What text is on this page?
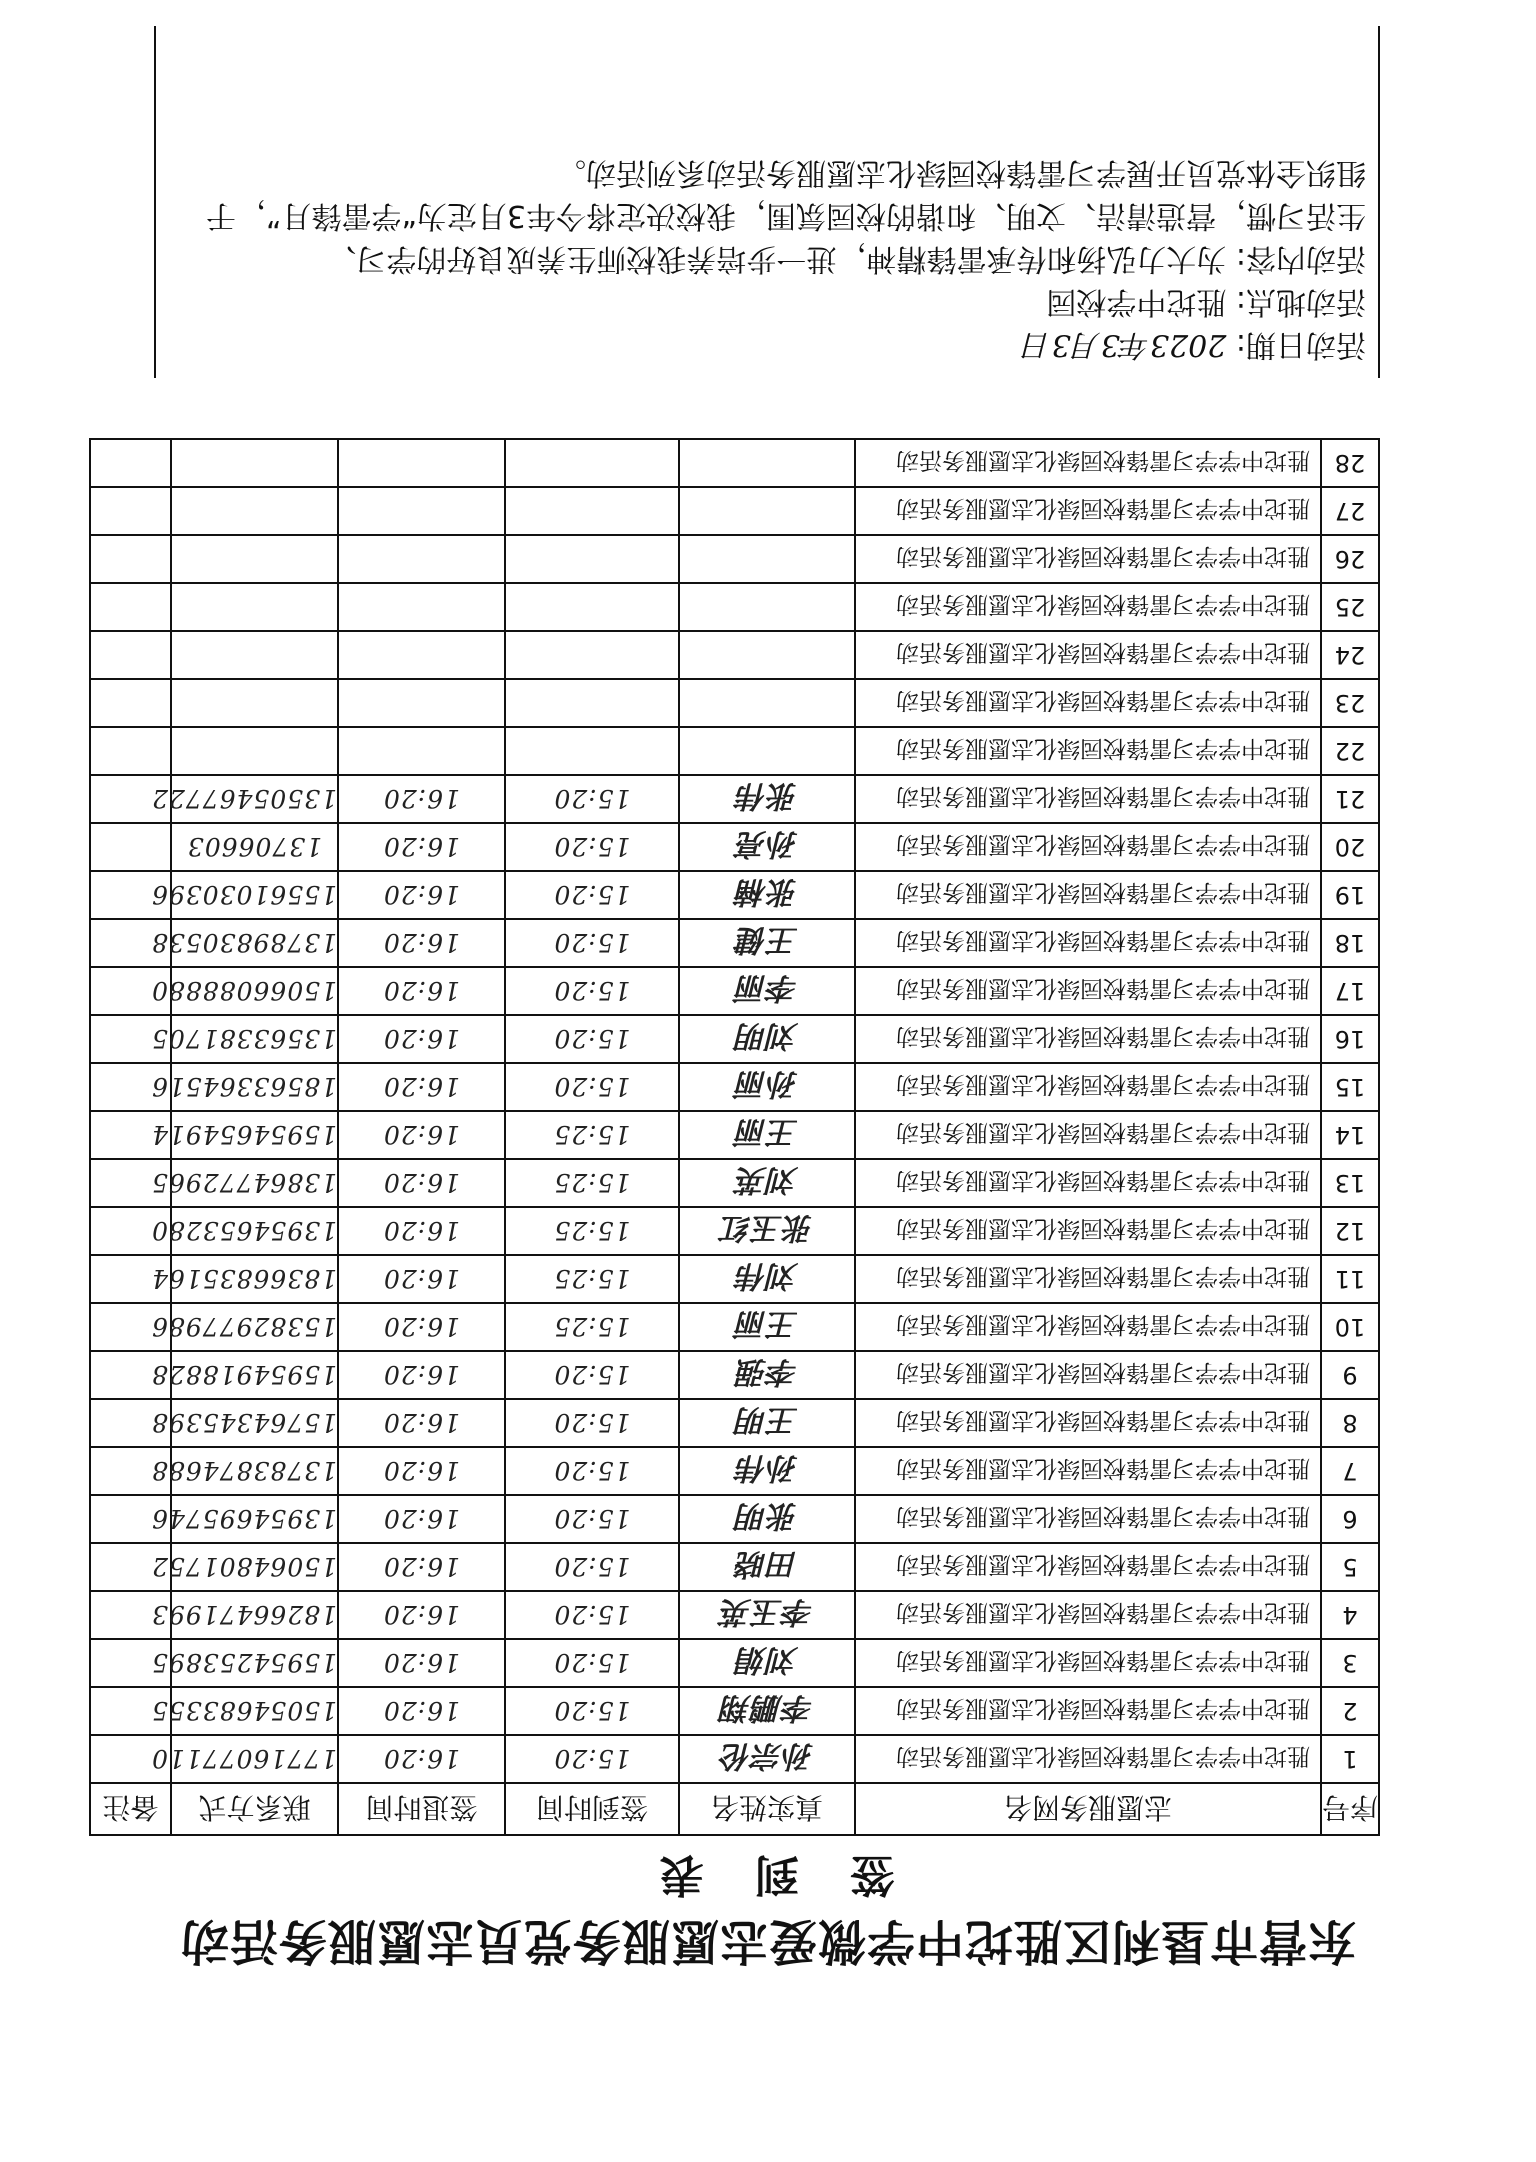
东营市垦利区胜坨中学微爱志愿服务党员志愿服务活动
签 到 表
序号	志愿服务网名	真实姓名	签到时间	签退时间	联系方式	备注
1	胜坨中学学习雷锋校园绿化志愿服务活动	孙宗伦	15:20	16:20	17716077110	
2	胜坨中学学习雷锋校园绿化志愿服务活动	李鹏翔	15:20	16:20	15054683355	
3	胜坨中学学习雷锋校园绿化志愿服务活动	刘娟	15:20	16:20	15954253895	
4	胜坨中学学习雷锋校园绿化志愿服务活动	李玉英	15:20	16:20	18266471993	
5	胜坨中学学习雷锋校园绿化志愿服务活动	田晓	15:20	16:20	15064801752	
6	胜坨中学学习雷锋校园绿化志愿服务活动	张明	15:20	16:20	13954695746	
7	胜坨中学学习雷锋校园绿化志愿服务活动	孙伟	15:20	16:20	13783874688	
8	胜坨中学学习雷锋校园绿化志愿服务活动	王明	15:20	16:20	15764345398	
9	胜坨中学学习雷锋校园绿化志愿服务活动	李强	15:20	16:20	15954918828	
10	胜坨中学学习雷锋校园绿化志愿服务活动	王丽	15:25	16:20	15382977986	
11	胜坨中学学习雷锋校园绿化志愿服务活动	刘伟	15:25	16:20	18366835164	
12	胜坨中学学习雷锋校园绿化志愿服务活动	张玉红	15:25	16:20	13954653280	
13	胜坨中学学习雷锋校园绿化志愿服务活动	刘英	15:25	16:20	13864772965	
14	胜坨中学学习雷锋校园绿化志愿服务活动	王丽	15:25	16:20	15954654914	
15	胜坨中学学习雷锋校园绿化志愿服务活动	孙丽	15:20	16:20	18563364516	
16	胜坨中学学习雷锋校园绿化志愿服务活动	刘明	15:20	16:20	13563381705	
17	胜坨中学学习雷锋校园绿化志愿服务活动	李丽	15:20	16:20	15066088880	
18	胜坨中学学习雷锋校园绿化志愿服务活动	王健	15:20	16:20	13789830538	
19	胜坨中学学习雷锋校园绿化志愿服务活动	张楠	15:20	16:20	15561030396	
20	胜坨中学学习雷锋校园绿化志愿服务活动	孙亮	15:20	16:20	13706603	
21	胜坨中学学习雷锋校园绿化志愿服务活动	张伟	15:20	16:20	13505467722	
22	胜坨中学学习雷锋校园绿化志愿服务活动					
23	胜坨中学学习雷锋校园绿化志愿服务活动					
24	胜坨中学学习雷锋校园绿化志愿服务活动					
25	胜坨中学学习雷锋校园绿化志愿服务活动					
26	胜坨中学学习雷锋校园绿化志愿服务活动					
27	胜坨中学学习雷锋校园绿化志愿服务活动					
28	胜坨中学学习雷锋校园绿化志愿服务活动					
活动日期: 2023年3月3日
活动地点: 胜坨中学校园
活动内容: 为大力弘扬和传承雷锋精神，进一步培养我校师生养成良好的学习、
生活习惯，营造清洁、文明、和谐的校园氛围，我校决定将今年3月定为“学雷锋月”，于
组织全体党员开展学习雷锋校园绿化志愿服务活动系列活动。
